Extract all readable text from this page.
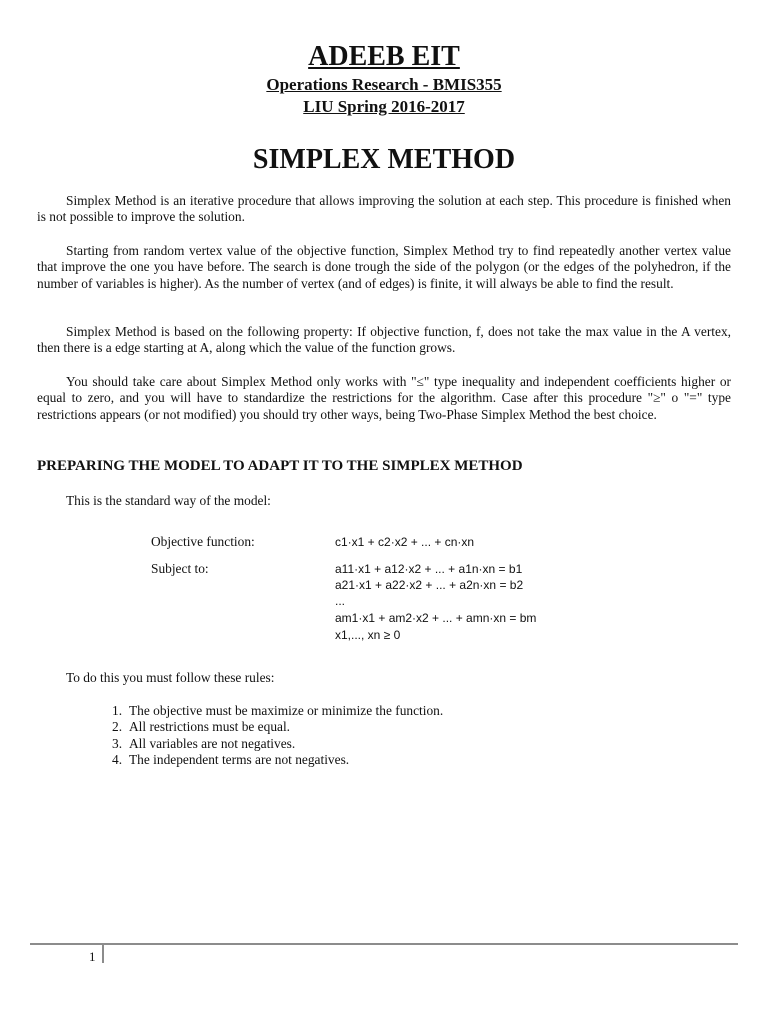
ADEEB EIT
Operations Research - BMIS355
LIU Spring 2016-2017
SIMPLEX METHOD

Simplex Method is an iterative procedure that allows improving the solution at each step. This procedure is finished when is not possible to improve the solution.

Starting from random vertex value of the objective function, Simplex Method try to find repeatedly another vertex value that improve the one you have before. The search is done trough the side of the polygon (or the edges of the polyhedron, if the number of variables is higher). As the number of vertex (and of edges) is finite, it will always be able to find the result.

Simplex Method is based on the following property: If objective function, f, does not take the max value in the A vertex, then there is a edge starting at A, along which the value of the function grows.

You should take care about Simplex Method only works with "≤" type inequality and independent coefficients higher or equal to zero, and you will have to standardize the restrictions for the algorithm. Case after this procedure "≥" o "=" type restrictions appears (or not modified) you should try other ways, being Two-Phase Simplex Method the best choice.

PREPARING THE MODEL TO ADAPT IT TO THE SIMPLEX METHOD
This is the standard way of the model:
Objective function:	c1·x1 + c2·x2 + ... + cn·xn
Subject to:	a11·x1 + a12·x2 + ... + a1n·xn = b1
a21·x1 + a22·x2 + ... + a2n·xn = b2
...
am1·x1 + am2·x2 + ... + amn·xn = bm
x1,..., xn ≥ 0
To do this you must follow these rules:
1. The objective must be maximize or minimize the function.
2. All restrictions must be equal.
3. All variables are not negatives.
4. The independent terms are not negatives.
1
